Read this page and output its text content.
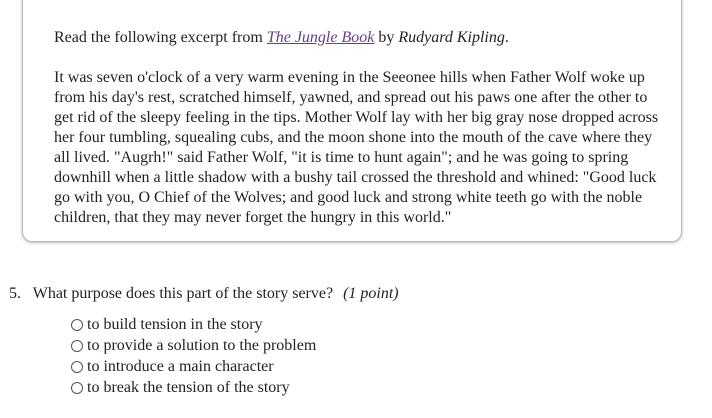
Read the following excerpt from The Jungle Book by Rudyard Kipling.

It was seven o'clock of a very warm evening in the Seeonee hills when Father Wolf woke up from his day's rest, scratched himself, yawned, and spread out his paws one after the other to get rid of the sleepy feeling in the tips. Mother Wolf lay with her big gray nose dropped across her four tumbling, squealing cubs, and the moon shone into the mouth of the cave where they all lived. "Augrh!" said Father Wolf, "it is time to hunt again"; and he was going to spring downhill when a little shadow with a bushy tail crossed the threshold and whined: "Good luck go with you, O Chief of the Wolves; and good luck and strong white teeth go with the noble children, that they may never forget the hungry in this world."

5. What purpose does this part of the story serve? (1 point)
to build tension in the story
to provide a solution to the problem
to introduce a main character
to break the tension of the story
